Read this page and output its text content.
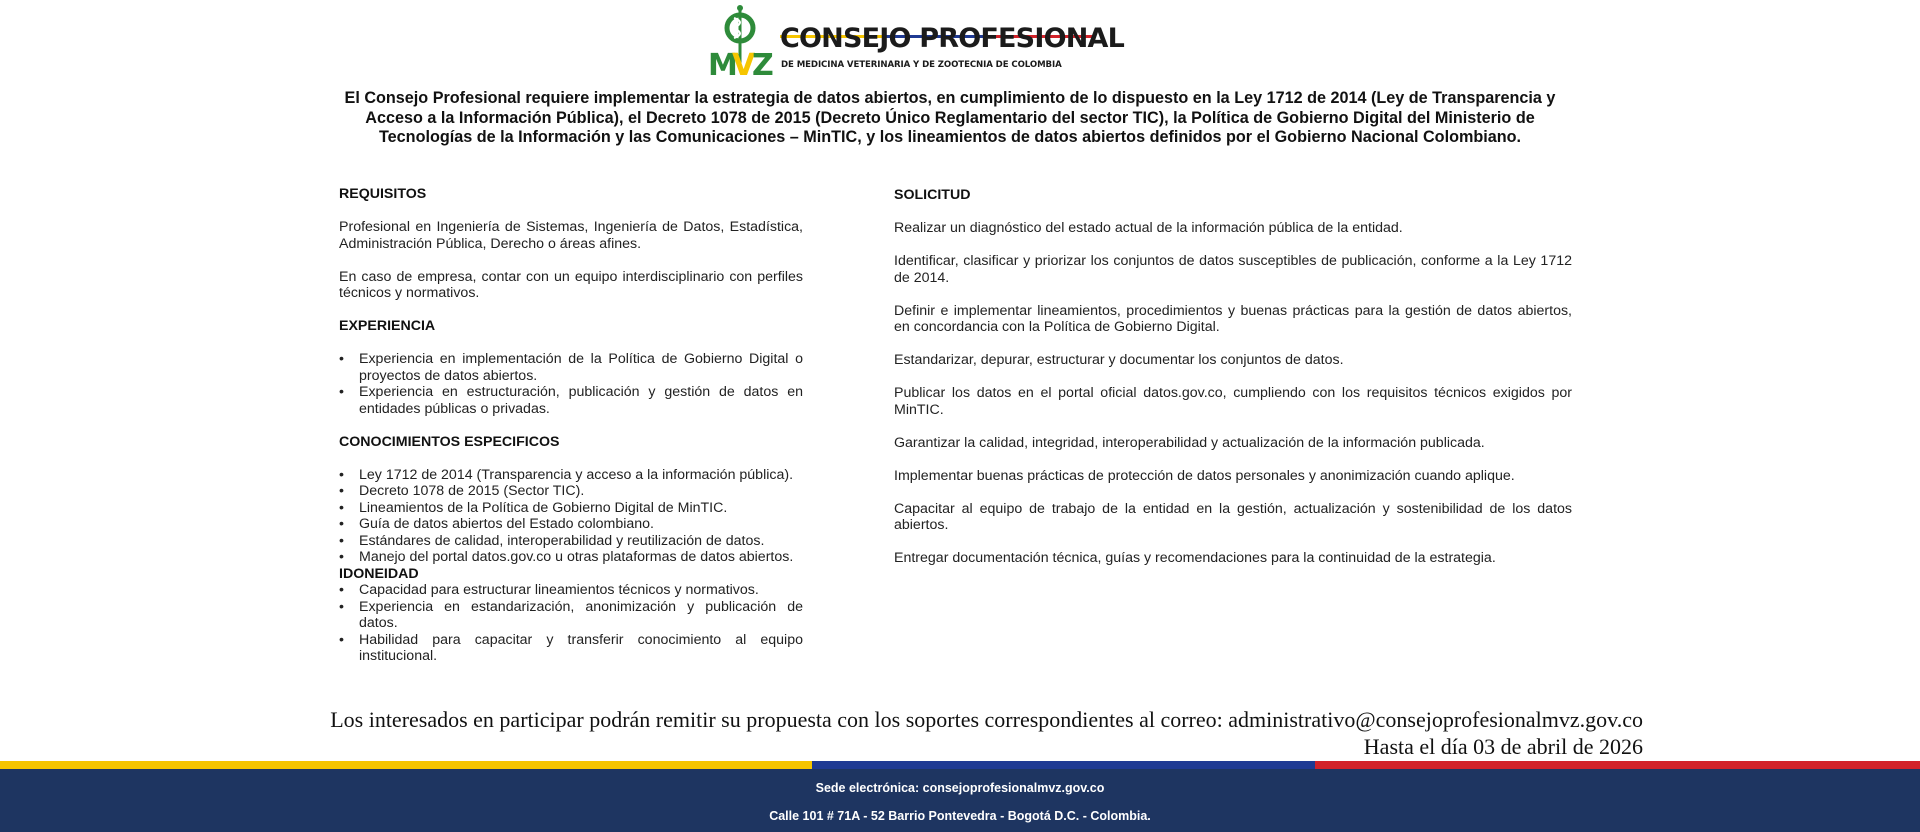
M
V Z
CONSEJO PROFESIONAL
DE MEDICINA VETERINARIA Y DE ZOOTECNIA DE COLOMBIA
El Consejo Profesional requiere implementar la estrategia de datos abiertos, en cumplimiento de lo dispuesto en la Ley 1712 de 2014 (Ley de Transparencia y Acceso a la Información Pública), el Decreto 1078 de 2015 (Decreto Único Reglamentario del sector TIC), la Política de Gobierno Digital del Ministerio de Tecnologías de la Información y las Comunicaciones – MinTIC, y los lineamientos de datos abiertos definidos por el Gobierno Nacional Colombiano.
REQUISITOS
Profesional en Ingeniería de Sistemas, Ingeniería de Datos, Estadística, Administración Pública, Derecho o áreas afines.
En caso de empresa, contar con un equipo interdisciplinario con perfiles técnicos y normativos.
EXPERIENCIA
• Experiencia en implementación de la Política de Gobierno Digital o proyectos de datos abiertos.
• Experiencia en estructuración, publicación y gestión de datos en entidades públicas o privadas.
CONOCIMIENTOS ESPECIFICOS
• Ley 1712 de 2014 (Transparencia y acceso a la información pública).
• Decreto 1078 de 2015 (Sector TIC).
• Lineamientos de la Política de Gobierno Digital de MinTIC.
• Guía de datos abiertos del Estado colombiano.
• Estándares de calidad, interoperabilidad y reutilización de datos.
• Manejo del portal datos.gov.co u otras plataformas de datos abiertos.
IDONEIDAD
• Capacidad para estructurar lineamientos técnicos y normativos.
• Experiencia en estandarización, anonimización y publicación de datos.
• Habilidad para capacitar y transferir conocimiento al equipo institucional.
SOLICITUD
Realizar un diagnóstico del estado actual de la información pública de la entidad.
Identificar, clasificar y priorizar los conjuntos de datos susceptibles de publicación, conforme a la Ley 1712 de 2014.
Definir e implementar lineamientos, procedimientos y buenas prácticas para la gestión de datos abiertos, en concordancia con la Política de Gobierno Digital.
Estandarizar, depurar, estructurar y documentar los conjuntos de datos.
Publicar los datos en el portal oficial datos.gov.co, cumpliendo con los requisitos técnicos exigidos por MinTIC.
Garantizar la calidad, integridad, interoperabilidad y actualización de la información publicada.
Implementar buenas prácticas de protección de datos personales y anonimización cuando aplique.
Capacitar al equipo de trabajo de la entidad en la gestión, actualización y sostenibilidad de los datos abiertos.
Entregar documentación técnica, guías y recomendaciones para la continuidad de la estrategia.
Los interesados en participar podrán remitir su propuesta con los soportes correspondientes al correo: administrativo@consejoprofesionalmvz.gov.co
Hasta el día 03 de abril de 2026
Sede electrónica: consejoprofesionalmvz.gov.co
Calle 101 # 71A - 52 Barrio Pontevedra - Bogotá D.C. - Colombia.
